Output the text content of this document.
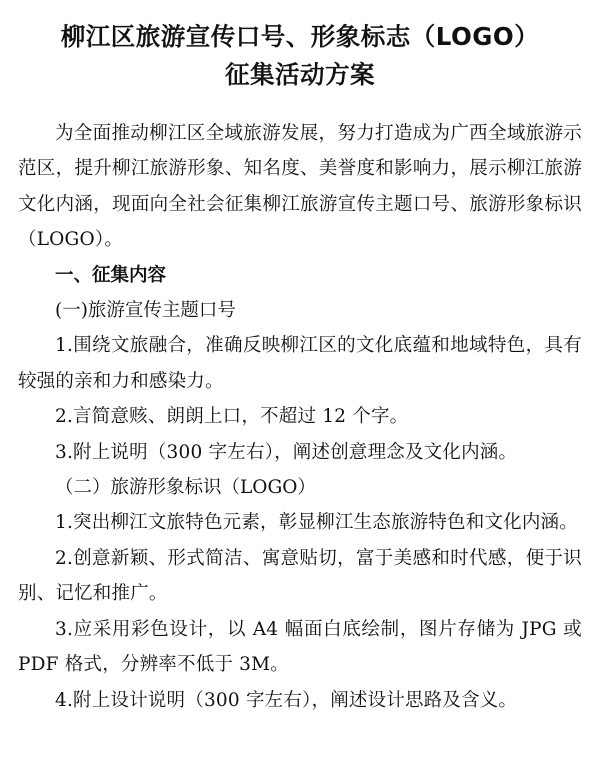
柳江区旅游宣传口号、形象标志（LOGO）
征集活动方案

为全面推动柳江区全域旅游发展，努力打造成为广西全域旅游示范区，提升柳江旅游形象、知名度、美誉度和影响力，展示柳江旅游文化内涵，现面向全社会征集柳江旅游宣传主题口号、旅游形象标识（LOGO）。

一、征集内容

(一)旅游宣传主题口号

1.围绕文旅融合，准确反映柳江区的文化底蕴和地域特色，具有较强的亲和力和感染力。

2.言简意赅、朗朗上口，不超过 12 个字。

3.附上说明（300 字左右），阐述创意理念及文化内涵。

（二）旅游形象标识（LOGO）

1.突出柳江文旅特色元素，彰显柳江生态旅游特色和文化内涵。

2.创意新颖、形式简洁、寓意贴切，富于美感和时代感，便于识别、记忆和推广。

3.应采用彩色设计，以 A4 幅面白底绘制，图片存储为 JPG 或 PDF 格式，分辨率不低于 3M。

4.附上设计说明（300 字左右），阐述设计思路及含义。
